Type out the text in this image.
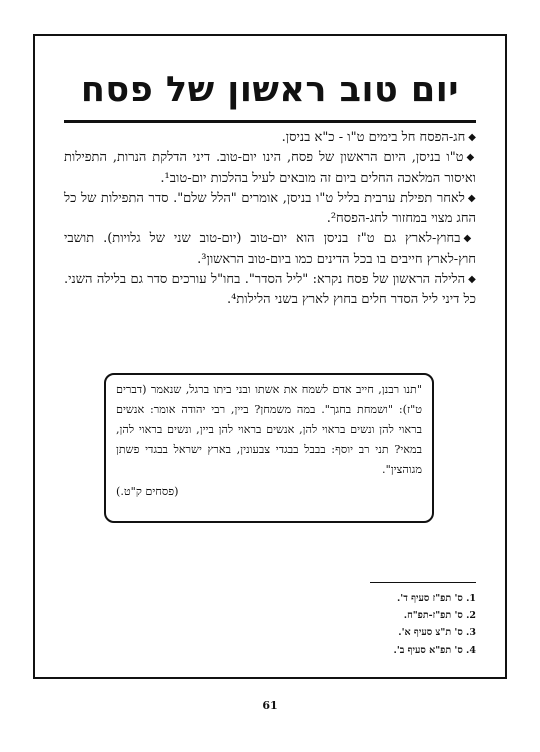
יום טוב ראשון של פסח

◆חג-הפסח חל בימים ט"ו - כ"א בניסן.

◆ט"ו בניסן, היום הראשון של פסח, הינו יום-טוב. דיני הדלקת הנרות, התפילות ואיסור המלאכה החלים ביום זה מובאים לעיל בהלכות יום-טוב¹.

◆לאחר תפילת ערבית בליל ט"ו בניסן, אומרים "הלל שלם". סדר התפילות של כל החג מצוי במחזור לחג-הפסח².

◆בחוץ-לארץ גם ט"ז בניסן הוא יום-טוב (יום-טוב שני של גלויות). תושבי חוץ-לארץ חייבים בו בכל הדינים כמו ביום-טוב הראשון³.

◆הלילה הראשון של פסח נקרא: "ליל הסדר". בחו"ל עורכים סדר גם בלילה השני. כל דיני ליל הסדר חלים בחוץ לארץ בשני הלילות⁴.

"תנו רבנן, חייב אדם לשמח את אשתו ובני ביתו ברגל, שנאמר (דברים ט"ז): "ושמחת בחגך". במה משמחן? ביין, רבי יהודה אומר: אנשים בראוי להן ונשים בראוי להן, אנשים בראוי להן ביין, ונשים בראוי להן, במאי? תני רב יוסף: בבבל בבגדי צבעונין, בארץ ישראל בבגדי פשתן מגוהצין".
(פסחים ק"ט.)
1. ס' תפ"ז סעיף ד'.
2. ס' תפ"ז-תפ"ח.
3. ס' ת"צ סעיף א'.
4. ס' תפ"א סעיף ב'.
61
